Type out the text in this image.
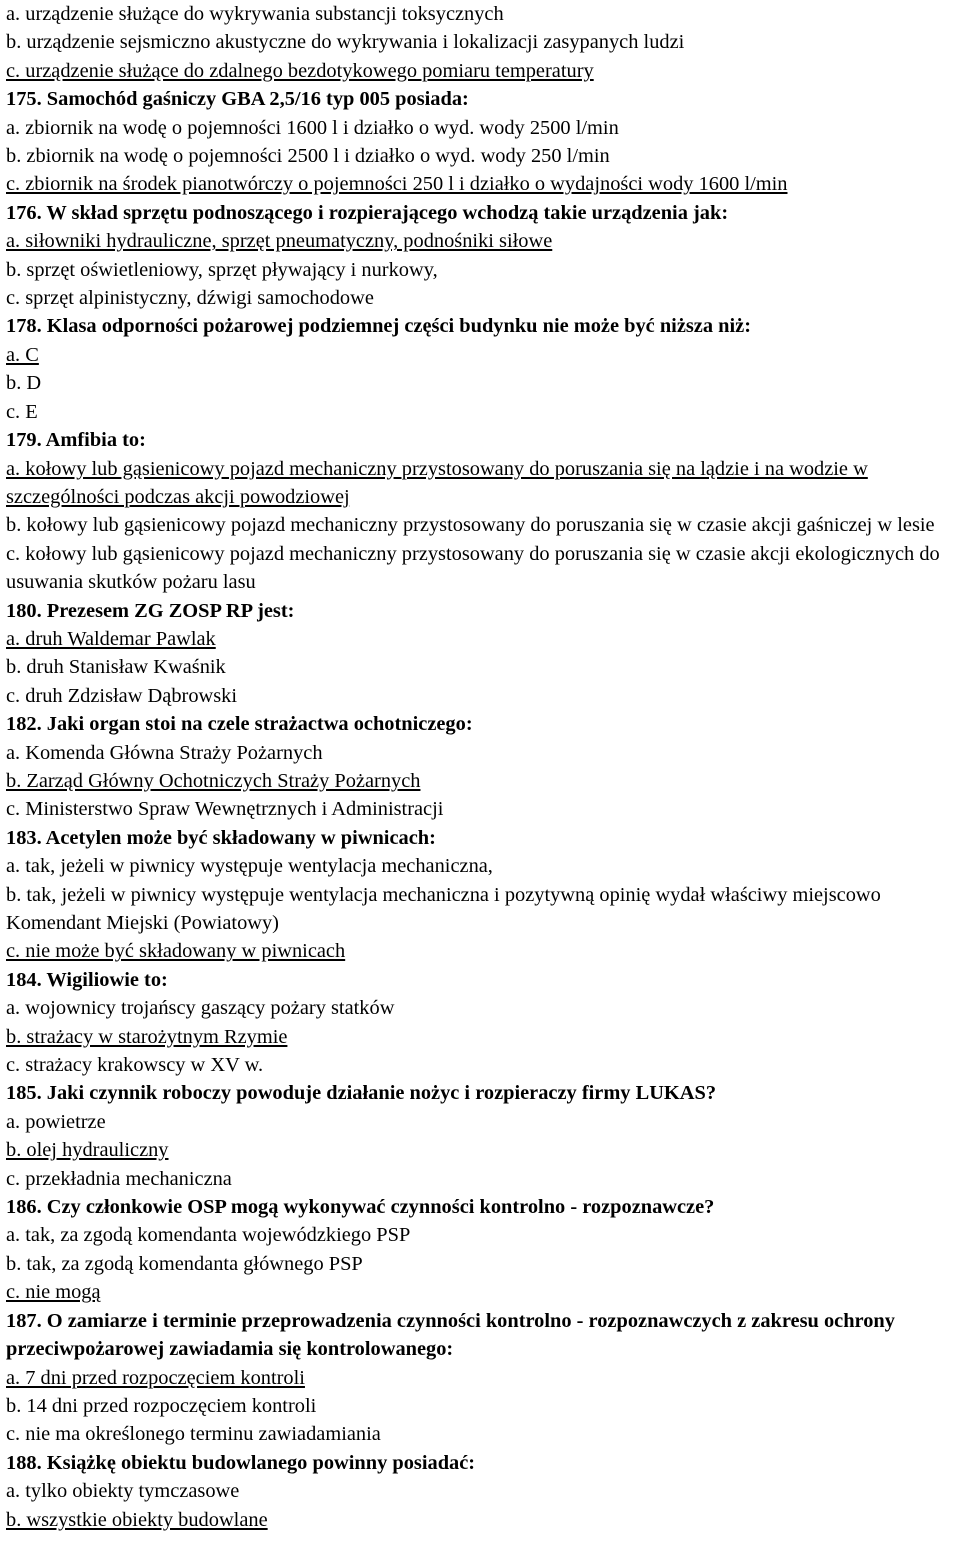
a. urządzenie służące do wykrywania substancji toksycznych

b. urządzenie sejsmiczno akustyczne do wykrywania i lokalizacji zasypanych ludzi

c. urządzenie służące do zdalnego bezdotykowego pomiaru temperatury

175. Samochód gaśniczy GBA 2,5/16 typ 005 posiada:

a. zbiornik na wodę o pojemności 1600 l i działko o wyd. wody 2500 l/min

b. zbiornik na wodę o pojemności 2500 l i działko o wyd. wody 250 l/min

c. zbiornik na środek pianotwórczy o pojemności 250 l i działko o wydajności wody 1600 l/min

176. W skład sprzętu podnoszącego i rozpierającego wchodzą takie urządzenia jak:

a. siłowniki hydrauliczne, sprzęt pneumatyczny, podnośniki siłowe

b. sprzęt oświetleniowy, sprzęt pływający i nurkowy,

c. sprzęt alpinistyczny, dźwigi samochodowe

178. Klasa odporności pożarowej podziemnej części budynku nie może być niższa niż:

a. C

b. D

c. E

179. Amfibia to:

a. kołowy lub gąsienicowy pojazd mechaniczny przystosowany do poruszania się na lądzie i na wodzie w szczególności podczas akcji powodziowej

b. kołowy lub gąsienicowy pojazd mechaniczny przystosowany do poruszania się w czasie akcji gaśniczej w lesie

c. kołowy lub gąsienicowy pojazd mechaniczny przystosowany do poruszania się w czasie akcji ekologicznych do usuwania skutków pożaru lasu

180. Prezesem ZG ZOSP RP jest:

a. druh Waldemar Pawlak

b. druh Stanisław Kwaśnik

c. druh Zdzisław Dąbrowski

182. Jaki organ stoi na czele strażactwa ochotniczego:

a. Komenda Główna Straży Pożarnych

b. Zarząd Główny Ochotniczych Straży Pożarnych

c. Ministerstwo Spraw Wewnętrznych i Administracji

183. Acetylen może być składowany w piwnicach:

a. tak, jeżeli w piwnicy występuje wentylacja mechaniczna,

b. tak, jeżeli w piwnicy występuje wentylacja mechaniczna i pozytywną opinię wydał właściwy miejscowo Komendant Miejski (Powiatowy)

c. nie może być składowany w piwnicach

184. Wigiliowie to:

a. wojownicy trojańscy gaszący pożary statków

b. strażacy w starożytnym Rzymie

c. strażacy krakowscy w XV w.

185. Jaki czynnik roboczy powoduje działanie nożyc i rozpieraczy firmy LUKAS?

a. powietrze

b. olej hydrauliczny

c. przekładnia mechaniczna

186. Czy członkowie OSP mogą wykonywać czynności kontrolno - rozpoznawcze?

a. tak, za zgodą komendanta wojewódzkiego PSP

b. tak, za zgodą komendanta głównego PSP

c. nie mogą

187. O zamiarze i terminie przeprowadzenia czynności kontrolno - rozpoznawczych z zakresu ochrony przeciwpożarowej zawiadamia się kontrolowanego:

a. 7 dni przed rozpoczęciem kontroli

b. 14 dni przed rozpoczęciem kontroli

c. nie ma określonego terminu zawiadamiania

188. Książkę obiektu budowlanego powinny posiadać:

a. tylko obiekty tymczasowe

b. wszystkie obiekty budowlane
